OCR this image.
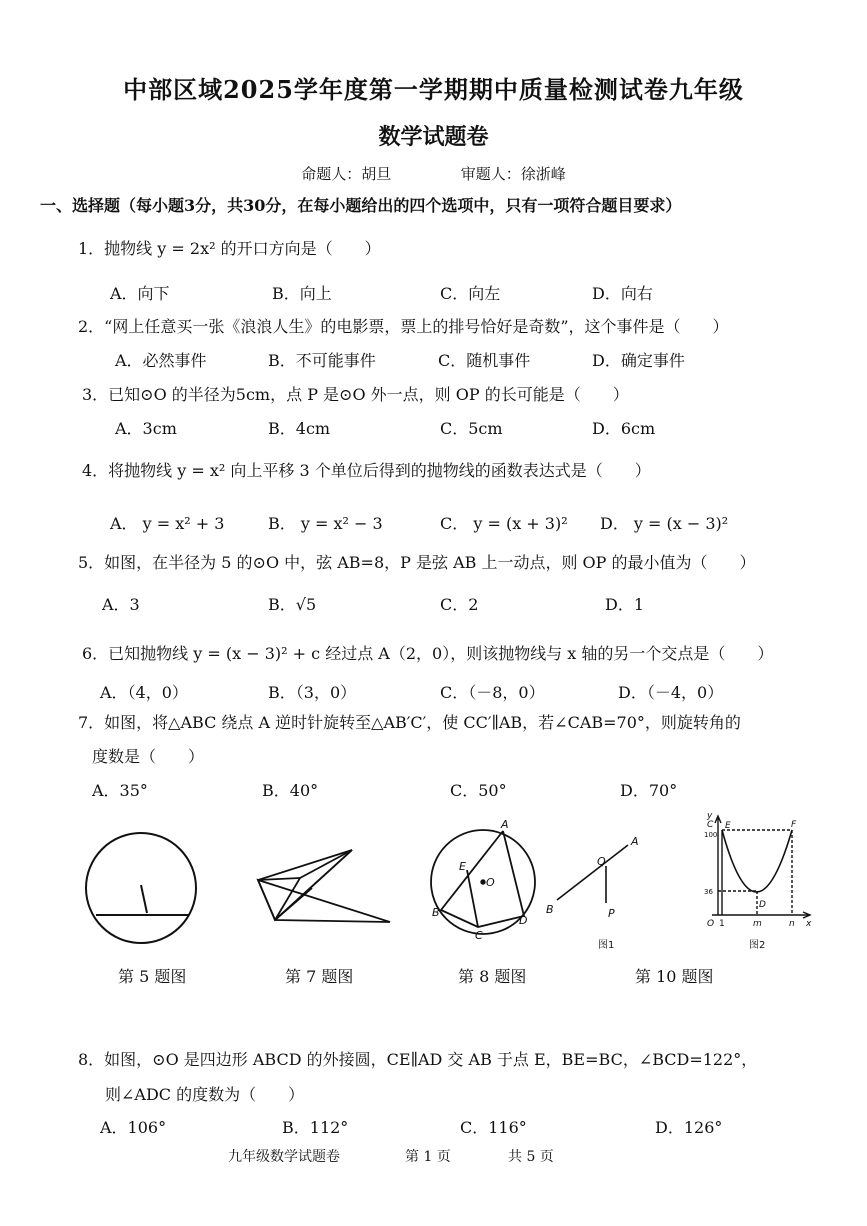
中部区域2025学年度第一学期期中质量检测试卷九年级
数学试题卷
命题人：胡旦	审题人：徐浙峰
一、选择题（每小题3分，共30分，在每小题给出的四个选项中，只有一项符合题目要求）
1．抛物线 y = 2x² 的开口方向是（　　）
A．向下	B．向上	C．向左	D．向右
2．“网上任意买一张《浪浪人生》的电影票，票上的排号恰好是奇数”，这个事件是（　　）
A．必然事件	B．不可能事件	C．随机事件	D．确定事件
3．已知⊙O 的半径为5cm，点 P 是⊙O 外一点，则 OP 的长可能是（　　）
A．3cm	B．4cm	C．5cm	D．6cm
4．将抛物线 y = x² 向上平移 3 个单位后得到的抛物线的函数表达式是（　　）
A． y = x² + 3	B． y = x² − 3	C． y = (x + 3)² D． y = (x − 3)²
5．如图，在半径为 5 的⊙O 中，弦 AB=8，P 是弦 AB 上一动点，则 OP 的最小值为（　　）
A．3	B．√5	C．2	D．1
6．已知抛物线 y = (x − 3)² + c 经过点 A（2，0），则该抛物线与 x 轴的另一个交点是（　　）
A．（4，0）	B．（3，0）	C．（－8，0）	D．（－4，0）
7．如图，将△ABC 绕点 A 逆时针旋转至△AB′C′，使 CC′∥AB，若∠CAB=70°，则旋转角的
度数是（　　）
A．35°	B．40°	C．50°	D．70°
A
B
C
D
E
O
A
B
Q
P
图1
y
C E	F
D
100
36
O 1	m	n x
图2
第 5 题图	第 7 题图	第 8 题图	第 10 题图
8．如图，⊙O 是四边形 ABCD 的外接圆，CE∥AD 交 AB 于点 E，BE=BC，∠BCD=122°，
则∠ADC 的度数为（　　）
A．106°	B．112°	C．116°	D．126°
九年级数学试题卷	第 1 页	共 5 页
